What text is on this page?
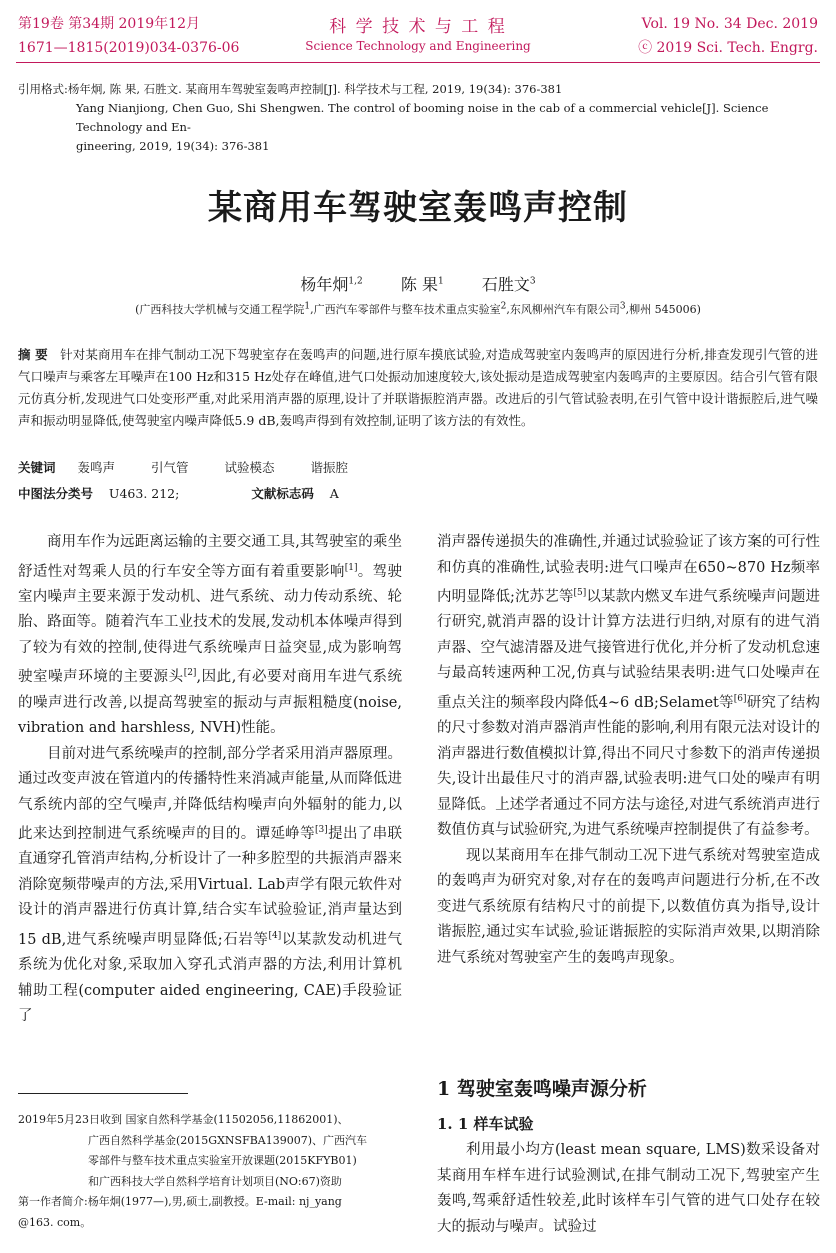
第19卷 第34期 2019年12月
1671—1815(2019)034-0376-06
科 学 技 术 与 工 程
Science Technology and Engineering
Vol. 19 No. 34 Dec. 2019
ⓒ 2019 Sci. Tech. Engrg.
引用格式:杨年炯, 陈 果, 石胜文. 某商用车驾驶室轰鸣声控制[J]. 科学技术与工程, 2019, 19(34): 376-381
Yang Nianjiong, Chen Guo, Shi Shengwen. The control of booming noise in the cab of a commercial vehicle[J]. Science Technology and En-
gineering, 2019, 19(34): 376-381
某商用车驾驶室轰鸣声控制
杨年炯$^{1,2}$ 陈 果$^1$ 石胜文$^3$
(广西科技大学机械与交通工程学院$^1$,广西汽车零部件与整车技术重点实验室$^2$,东风柳州汽车有限公司$^3$,柳州 545006)
摘 要 针对某商用车在排气制动工况下驾驶室存在轰鸣声的问题,进行原车摸底试验,对造成驾驶室内轰鸣声的原因进行分析,排查发现引气管的进气口噪声与乘客左耳噪声在100 Hz和315 Hz处存在峰值,进气口处振动加速度较大,该处振动是造成驾驶室内轰鸣声的主要原因。结合引气管有限元仿真分析,发现进气口处变形严重,对此采用消声器的原理,设计了并联谐振腔消声器。改进后的引气管试验表明,在引气管中设计谐振腔后,进气噪声和振动明显降低,使驾驶室内噪声降低5.9 dB,轰鸣声得到有效控制,证明了该方法的有效性。
关键词 轰鸣声	引气管	试验模态	谐振腔
中图法分类号 U463. 212;	文献标志码 A

商用车作为远距离运输的主要交通工具,其驾驶室的乘坐舒适性对驾乘人员的行车安全等方面有着重要影响[1]。驾驶室内噪声主要来源于发动机、进气系统、动力传动系统、轮胎、路面等。随着汽车工业技术的发展,发动机本体噪声得到了较为有效的控制,使得进气系统噪声日益突显,成为影响驾驶室噪声环境的主要源头[2],因此,有必要对商用车进气系统的噪声进行改善,以提高驾驶室的振动与声振粗糙度(noise, vibration and harshless, NVH)性能。

目前对进气系统噪声的控制,部分学者采用消声器原理。通过改变声波在管道内的传播特性来消减声能量,从而降低进气系统内部的空气噪声,并降低结构噪声向外辐射的能力,以此来达到控制进气系统噪声的目的。谭延峥等[3]提出了串联直通穿孔管消声结构,分析设计了一种多腔型的共振消声器来消除宽频带噪声的方法,采用Virtual. Lab声学有限元软件对设计的消声器进行仿真计算,结合实车试验验证,消声量达到15 dB,进气系统噪声明显降低;石岩等[4]以某款发动机进气系统为优化对象,采取加入穿孔式消声器的方法,利用计算机辅助工程(computer aided engineering, CAE)手段验证了

2019年5月23日收到 国家自然科学基金(11502056,11862001)、
广西自然科学基金(2015GXNSFBA139007)、广西汽车
零部件与整车技术重点实验室开放课题(2015KFYB01)
和广西科技大学自然科学培育计划项目(NO:67)资助
第一作者简介:杨年炯(1977—),男,硕士,副教授。E-mail: nj_yang
@163. com。

消声器传递损失的准确性,并通过试验验证了该方案的可行性和仿真的准确性,试验表明:进气口噪声在650~870 Hz频率内明显降低;沈苏艺等[5]以某款内燃叉车进气系统噪声问题进行研究,就消声器的设计计算方法进行归纳,对原有的进气消声器、空气滤清器及进气接管进行优化,并分析了发动机怠速与最高转速两种工况,仿真与试验结果表明:进气口处噪声在重点关注的频率段内降低4~6 dB;Selamet等[6]研究了结构的尺寸参数对消声器消声性能的影响,利用有限元法对设计的消声器进行数值模拟计算,得出不同尺寸参数下的消声传递损失,设计出最佳尺寸的消声器,试验表明:进气口处的噪声有明显降低。上述学者通过不同方法与途径,对进气系统消声进行数值仿真与试验研究,为进气系统噪声控制提供了有益参考。

现以某商用车在排气制动工况下进气系统对驾驶室造成的轰鸣声为研究对象,对存在的轰鸣声问题进行分析,在不改变进气系统原有结构尺寸的前提下,以数值仿真为指导,设计谐振腔,通过实车试验,验证谐振腔的实际消声效果,以期消除进气系统对驾驶室产生的轰鸣声现象。

1 驾驶室轰鸣噪声源分析
1. 1 样车试验

利用最小均方(least mean square, LMS)数采设备对某商用车样车进行试验测试,在排气制动工况下,驾驶室产生轰鸣,驾乘舒适性较差,此时该样车引气管的进气口处存在较大的振动与噪声。试验过
